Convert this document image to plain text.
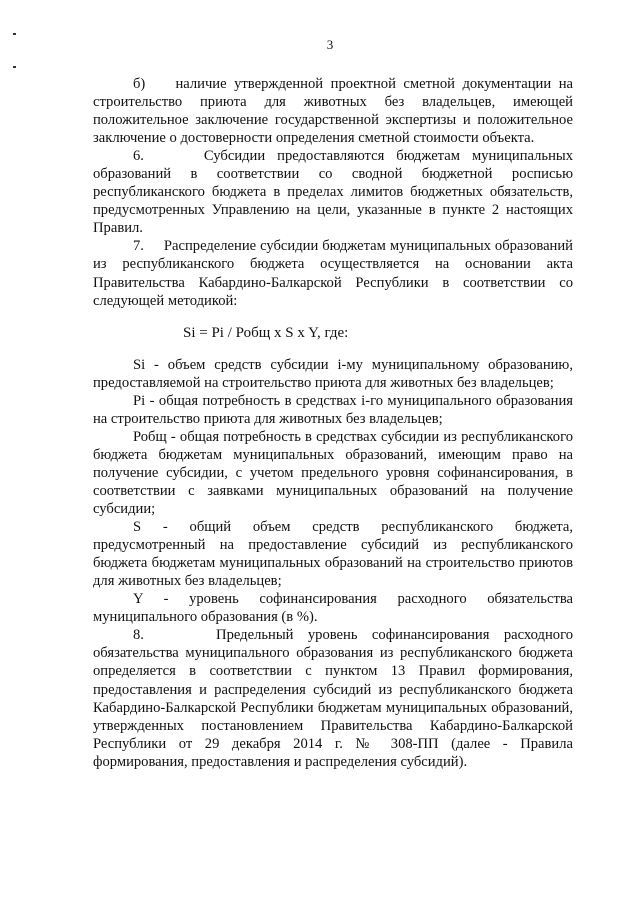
3

б)    наличие утвержденной проектной сметной документации на строительство приюта для животных без владельцев, имеющей положительное заключение государственной экспертизы и положительное заключение о достоверности определения сметной стоимости объекта.

6.     Субсидии предоставляются бюджетам муниципальных образований в соответствии со сводной бюджетной росписью республиканского бюджета в пределах лимитов бюджетных обязательств, предусмотренных Управлению на цели, указанные в пункте 2 настоящих Правил.

7.     Распределение субсидии бюджетам муниципальных образований из республиканского бюджета осуществляется на основании акта Правительства Кабардино-Балкарской Республики в соответствии со следующей методикой:

Si = Pi / Робщ x S x Y, где:

Si - объем средств субсидии i-му муниципальному образованию, предоставляемой на строительство приюта для животных без владельцев;

Pi - общая потребность в средствах i-го муниципального образования на строительство приюта для животных без владельцев;

Робщ - общая потребность в средствах субсидии из республиканского бюджета бюджетам муниципальных образований, имеющим право на получение субсидии, с учетом предельного уровня софинансирования, в соответствии с заявками муниципальных образований на получение субсидии;

S - общий объем средств республиканского бюджета, предусмотренный на предоставление субсидий из республиканского бюджета бюджетам муниципальных образований на строительство приютов для животных без владельцев;

Y - уровень софинансирования расходного обязательства муниципального образования (в %).

8.     Предельный уровень софинансирования расходного обязательства муниципального образования из республиканского бюджета определяется в соответствии с пунктом 13 Правил формирования, предоставления и распределения субсидий из республиканского бюджета Кабардино-Балкарской Республики бюджетам муниципальных образований, утвержденных постановлением Правительства Кабардино-Балкарской Республики от 29 декабря 2014 г. № 308-ПП (далее - Правила формирования, предоставления и распределения субсидий).
